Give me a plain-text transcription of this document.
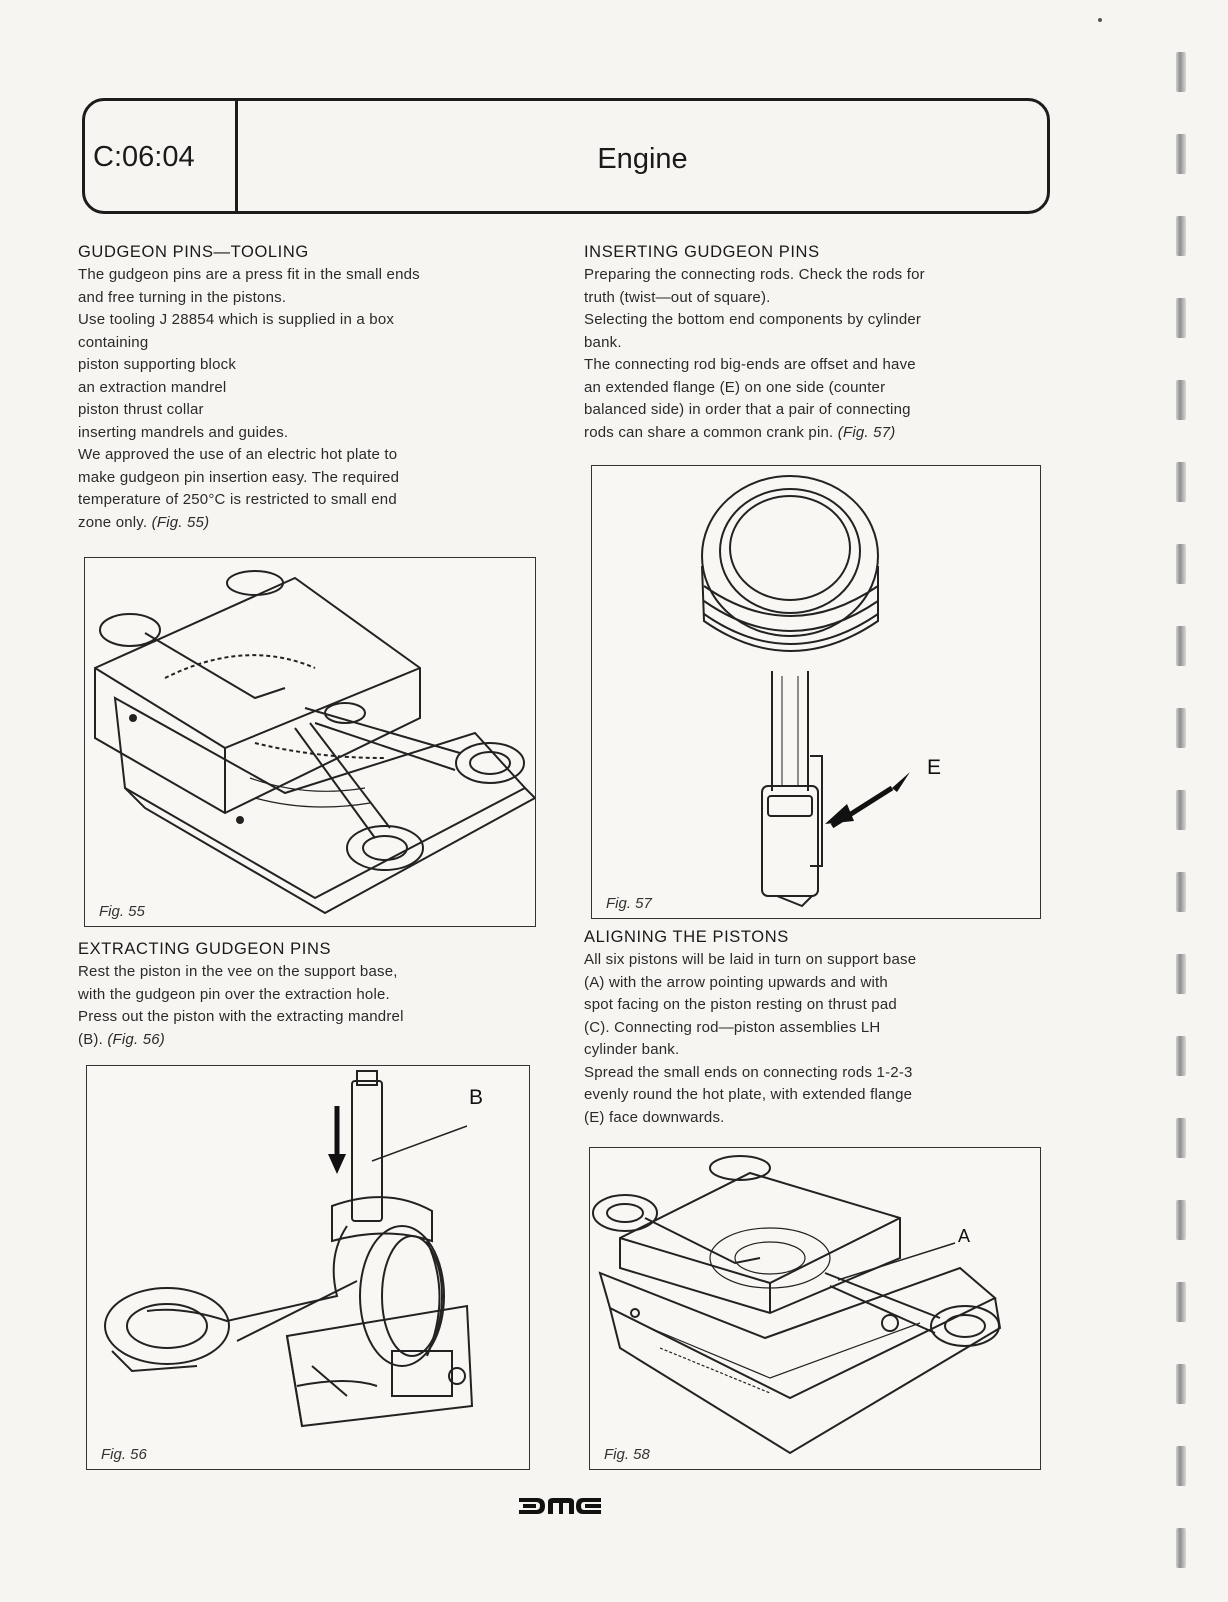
C:06:04	Engine
GUDGEON PINS—TOOLING

The gudgeon pins are a press fit in the small ends
and free turning in the pistons.
Use tooling J 28854 which is supplied in a box
containing
piston supporting block
an extraction mandrel
piston thrust collar
inserting mandrels and guides.
We approved the use of an electric hot plate to
make gudgeon pin insertion easy. The required
temperature of 250°C is restricted to small end
zone only. (Fig. 55)

Fig. 55
EXTRACTING GUDGEON PINS

Rest the piston in the vee on the support base,
with the gudgeon pin over the extraction hole.
Press out the piston with the extracting mandrel
(B). (Fig. 56)

B
Fig. 56
INSERTING GUDGEON PINS

Preparing the connecting rods. Check the rods for
truth (twist—out of square).
Selecting the bottom end components by cylinder
bank.
The connecting rod big-ends are offset and have
an extended flange (E) on one side (counter
balanced side) in order that a pair of connecting
rods can share a common crank pin. (Fig. 57)

E
Fig. 57
ALIGNING THE PISTONS

All six pistons will be laid in turn on support base
(A) with the arrow pointing upwards and with
spot facing on the piston resting on thrust pad
(C). Connecting rod—piston assemblies LH
cylinder bank.
Spread the small ends on connecting rods 1-2-3
evenly round the hot plate, with extended flange
(E) face downwards.

A
Fig. 58
